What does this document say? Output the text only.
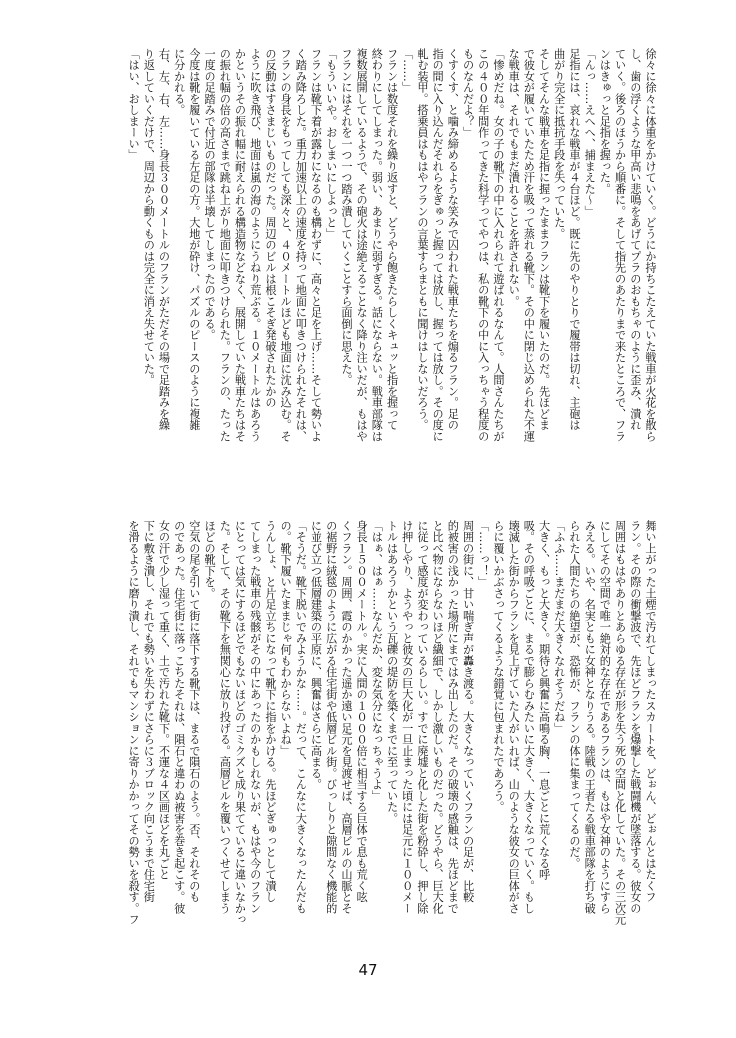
徐々に徐々に体重をかけていく。どうにか持ちこたえていた戦車が火花を散ら
し、歯の浮くような甲高い悲鳴をあげてプラのおもちゃのように歪み、潰れ
ていく。後ろのほうから順番に。そして指先のあたりまで来たところで、フラ
ンはきゅっと足指を握った。
「んっ……えへへ、捕まえた～」
足指には、哀れな戦車が４台ほど。既に先のやりとりで履帯は切れ、主砲は
曲がり完全に抵抗手段を失っていた。
そしてそんな戦車を足指に握ったままフランは靴下を履いたのだ。先ほどま
で彼女が履いていたため汗を吸って蒸れる靴下。その中に閉じ込められた不運
な戦車は、それでもまだ潰れることを許されない。
「惨めだね。女の子の靴下の中に入れられて遊ばれるなんて。人間さんたちが
この４００年間作ってきた科学ってやつは、私の靴下の中に入っちゃう程度の
ものなんだよ？」
くすくす、と噛み締めるような笑みで囚われた戦車たちを煽るフラン。足の
指の間に入り込んだそれらをぎゅっと握っては放し、握っては放し。その度に
軋む装甲。搭乗員はもはやフランの言葉すらまともに聞けはしないだろう。
「……」
フランは数度それを繰り返すと、どうやら飽きたらしくキュッと指を握って
終わりにしてしまった。弱い、あまりに弱すぎる。話にならない。戦車部隊は
複数展開しているようで、その砲火は途絶えることなく降り注いだが、もはや
フランにはそれを一つ一つ踏み潰していくことすら面倒に思えた。
「もういいや。おしまいにしよっと」
フランは靴下着が露わになるのも構わずに、高々と足を上げ……そして勢いよ
く踏み降ろした。重力加速以上の速度を持って地面に叩きつけられたそれは、
フランの身長をもってしても深々と、４０メートルほども地面に沈み込む。そ
の反動はすさまじいものだった。周辺のビルは根こそぎ発破されたかの
ように吹き飛び、地面は嵐の海のようにうねり荒ぶる。１０メートルはあろう
かというその振れ幅に耐えられる構造物などなく、展開していた戦車たちはそ
の振れ幅の倍の高さまで跳ね上がり地面に叩きつけられた。フランの、たった
一度の足踏みで付近の部隊は半壊してしまったのである。
今度は靴を履いている左足の方。大地が砕け、パズルのピースのように複雑
に分かれる。
右、左、右、左……身長３００メートルのフランがただその場で足踏みを繰
り返していくだけで、周辺から動くものは完全に消え失せていた。
「はい、おしまーい」
舞い上がった土煙で汚れてしまったスカートを、どぉん、どぉんとはたくフ
ラン。その際の衝撃波で、先ほどフランを爆撃した戦闘機が墜落する。彼女の
周囲はもはやありとあらゆる存在が形を失う死の空間と化していた。その三次元
にしてその空間で唯一絶対的な存在であるフランは、もはや女神のようにすら
みえる。いや、名実ともに女神となりうる。陸戦の王者たる戦車部隊を打ち破
られた人間たちの絶望が、恐怖が、フランの体に集まってくるのだ。
「ふふ……まだまだ大きくなれそうだね」
大きく、もっと大きく。期待と興奮に高鳴る胸、一息ごとに荒くなる呼
吸。その呼吸ごとに、まるで膨らむみたいに大きく、大きくなっていく。もし
壊滅した街からフランを見上げていた人がいれば、山のような彼女の巨体がさ
らに覆いかぶさってくるような錯覚に包まれたであろう。
「……っ！」
周囲の街に、甘い喘ぎ声が轟き渡る。大きくなっていくフランの足が、比較
的被害の浅かった場所にまではみ出したのだ。その破壊の感触は、先ほどまで
と比べ物にならないほど繊細で、しかし激しいものだった。どうやら、巨大化
に従って感度が変わっているらしい。すでに廃墟と化した街を粉砕し、押し除
け押しやり、ようやっと彼女の巨大化が一旦止まった頃には足元に１００メー
トルはあろうかという瓦礫の堤防を築くまでに至っていた。
「はぁ、はぁ……なんだか、変な気分になっちゃうよ」
身長１５００メートル。実に人間の１０００倍に相当する巨体で息も荒く呟
くフラン。周囲、霞のかかった遥か遠い足元を見渡せば、高層ビルの山脈とそ
の裾野に絨毯のように広がる住宅街や低層ビル街。びっしりと隙間なく機能的
に並び立つ低層建築の平原に、興奮はさらに高まる。
「そうだ。靴下脱いでみようかな……。だって、こんなに大きくなったんだも
の。靴下履いたままじゃ何もわからないよね」
うんしょ、と片足立ちになって靴下に指をかける。先ほどぎゅっとして潰し
てしまった戦車の残骸がその中にあったのかもしれないが、もはや今のフラン
にとっては気にするほどでもないほどのゴミクズと成り果てているに違いなかっ
た。そして、その靴下を無関心に放り投げる。高層ビルを覆いつくせてしまう
ほどの靴下を。
空気の尾を引いて街に落下する靴下は、まるで隕石のよう。否、それそのも
のであった。住宅街に落っこちたそれは、隕石と違わぬ被害を巻き起こす。彼
女の汗で少し湿って重く、土で汚れた靴下。不運な４区画ほどを丸ごと
下に敷き潰し、それでも勢いを失わずにさらに３ブロック向こうまで住宅街
を滑るように磨り潰し、それでもマンションに寄りかかってその勢いを殺す。フ
47
